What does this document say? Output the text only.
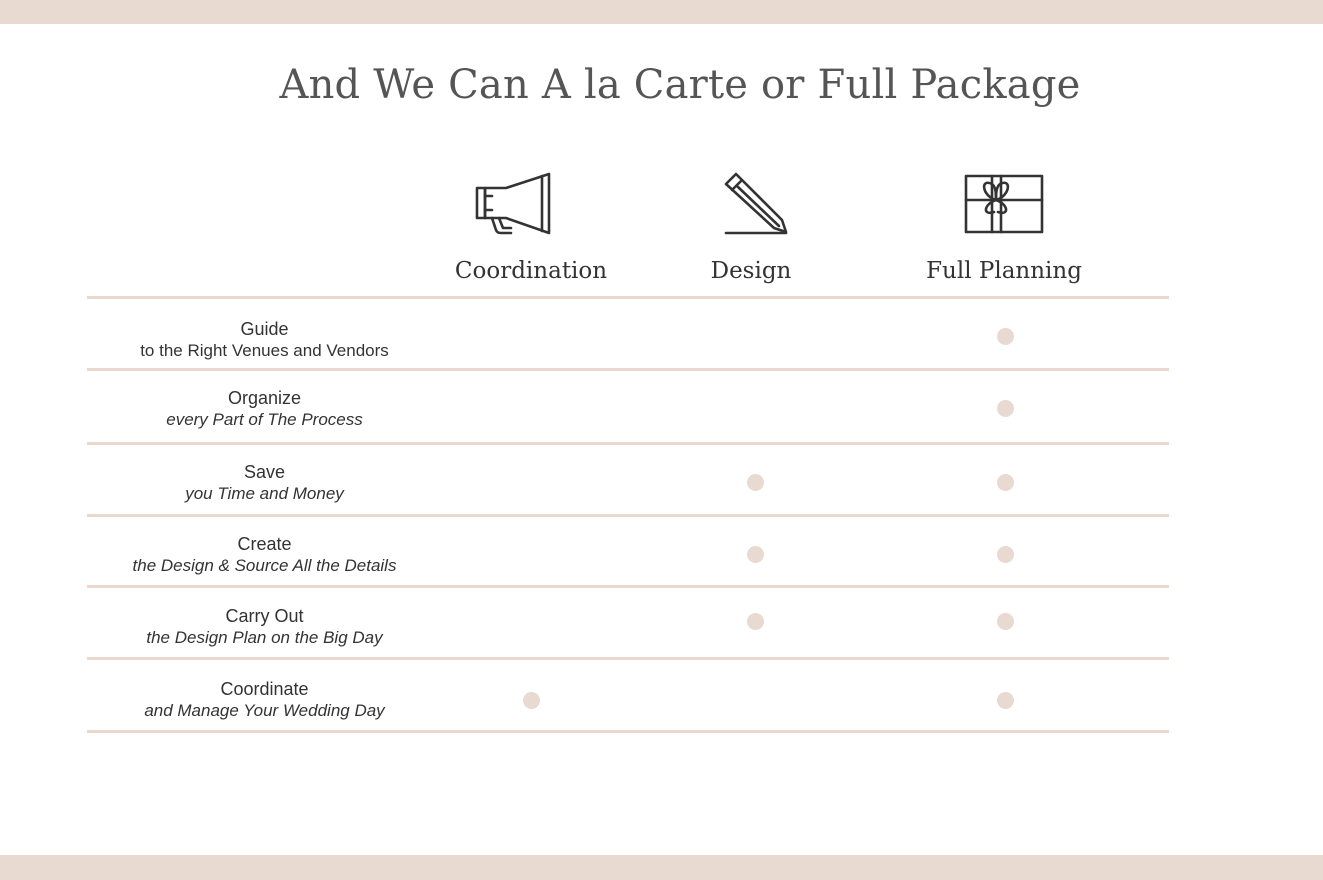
And We Can A la Carte or Full Package
Coordination	Design	Full Planning
Guide
to the Right Venues and Vendors
Organize
every Part of The Process
Save
you Time and Money
Create
the Design & Source All the Details
Carry Out
the Design Plan on the Big Day
Coordinate
and Manage Your Wedding Day
